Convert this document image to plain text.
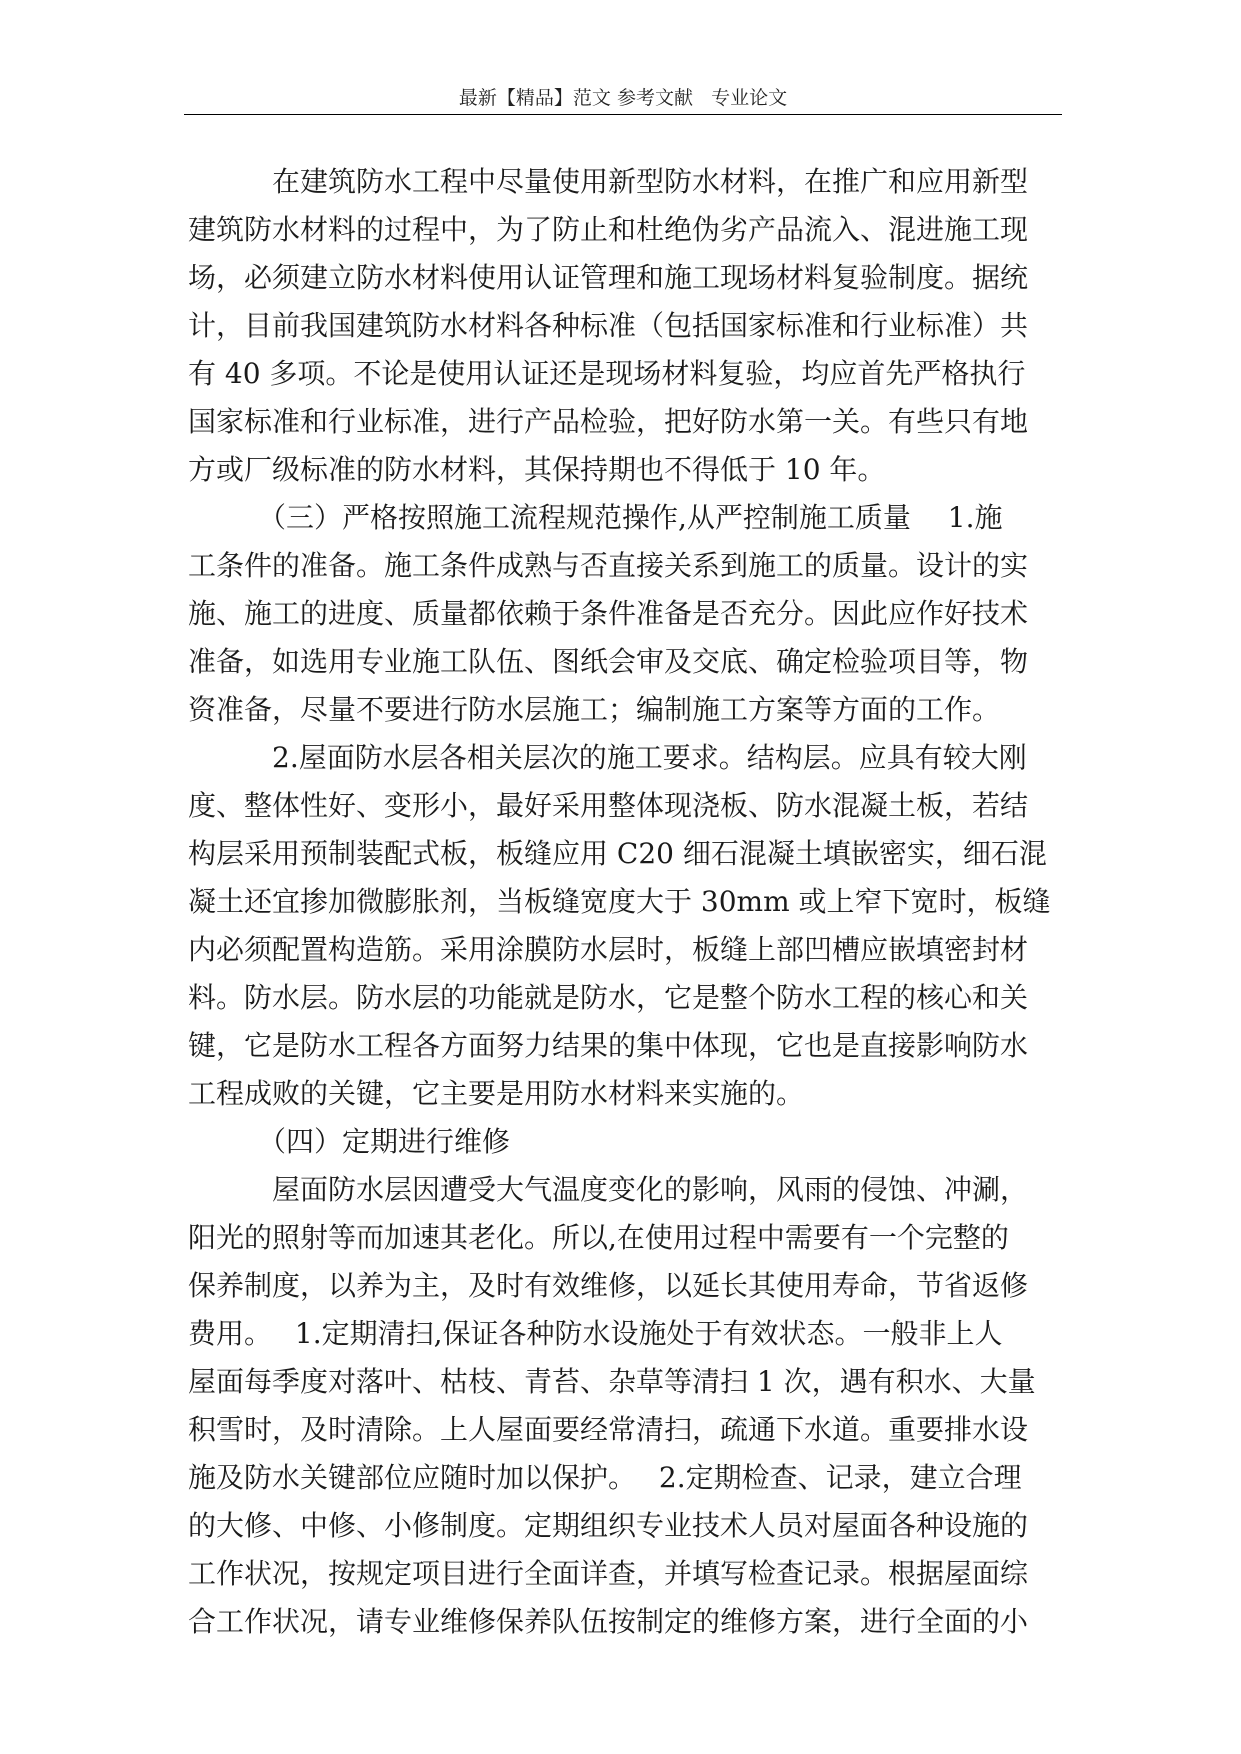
最新【精品】范文 参考文献   专业论文
　　　在建筑防水工程中尽量使用新型防水材料，在推广和应用新型
建筑防水材料的过程中，为了防止和杜绝伪劣产品流入、混进施工现
场，必须建立防水材料使用认证管理和施工现场材料复验制度。据统
计，目前我国建筑防水材料各种标准（包括国家标准和行业标准）共
有 40 多项。不论是使用认证还是现场材料复验，均应首先严格执行
国家标准和行业标准，进行产品检验，把好防水第一关。有些只有地
方或厂级标准的防水材料，其保持期也不得低于 10 年。
　　　（三）严格按照施工流程规范操作,从严控制施工质量　 1.施
工条件的准备。施工条件成熟与否直接关系到施工的质量。设计的实
施、施工的进度、质量都依赖于条件准备是否充分。因此应作好技术
准备，如选用专业施工队伍、图纸会审及交底、确定检验项目等，物
资准备，尽量不要进行防水层施工；编制施工方案等方面的工作。
　　　2.屋面防水层各相关层次的施工要求。结构层。应具有较大刚
度、整体性好、变形小，最好采用整体现浇板、防水混凝土板，若结
构层采用预制装配式板，板缝应用 C20 细石混凝土填嵌密实，细石混
凝土还宜掺加微膨胀剂，当板缝宽度大于 30mm 或上窄下宽时，板缝
内必须配置构造筋。采用涂膜防水层时，板缝上部凹槽应嵌填密封材
料。防水层。防水层的功能就是防水，它是整个防水工程的核心和关
键，它是防水工程各方面努力结果的集中体现，它也是直接影响防水
工程成败的关键，它主要是用防水材料来实施的。
　　　（四）定期进行维修
　　　屋面防水层因遭受大气温度变化的影响，风雨的侵蚀、冲涮，
阳光的照射等而加速其老化。所以,在使用过程中需要有一个完整的
保养制度，以养为主，及时有效维修，以延长其使用寿命，节省返修
费用。　 1.定期清扫,保证各种防水设施处于有效状态。一般非上人
屋面每季度对落叶、枯枝、青苔、杂草等清扫 1 次，遇有积水、大量
积雪时，及时清除。上人屋面要经常清扫，疏通下水道。重要排水设
施及防水关键部位应随时加以保护。　 2.定期检查、记录，建立合理
的大修、中修、小修制度。定期组织专业技术人员对屋面各种设施的
工作状况，按规定项目进行全面详查，并填写检查记录。根据屋面综
合工作状况，请专业维修保养队伍按制定的维修方案，进行全面的小
